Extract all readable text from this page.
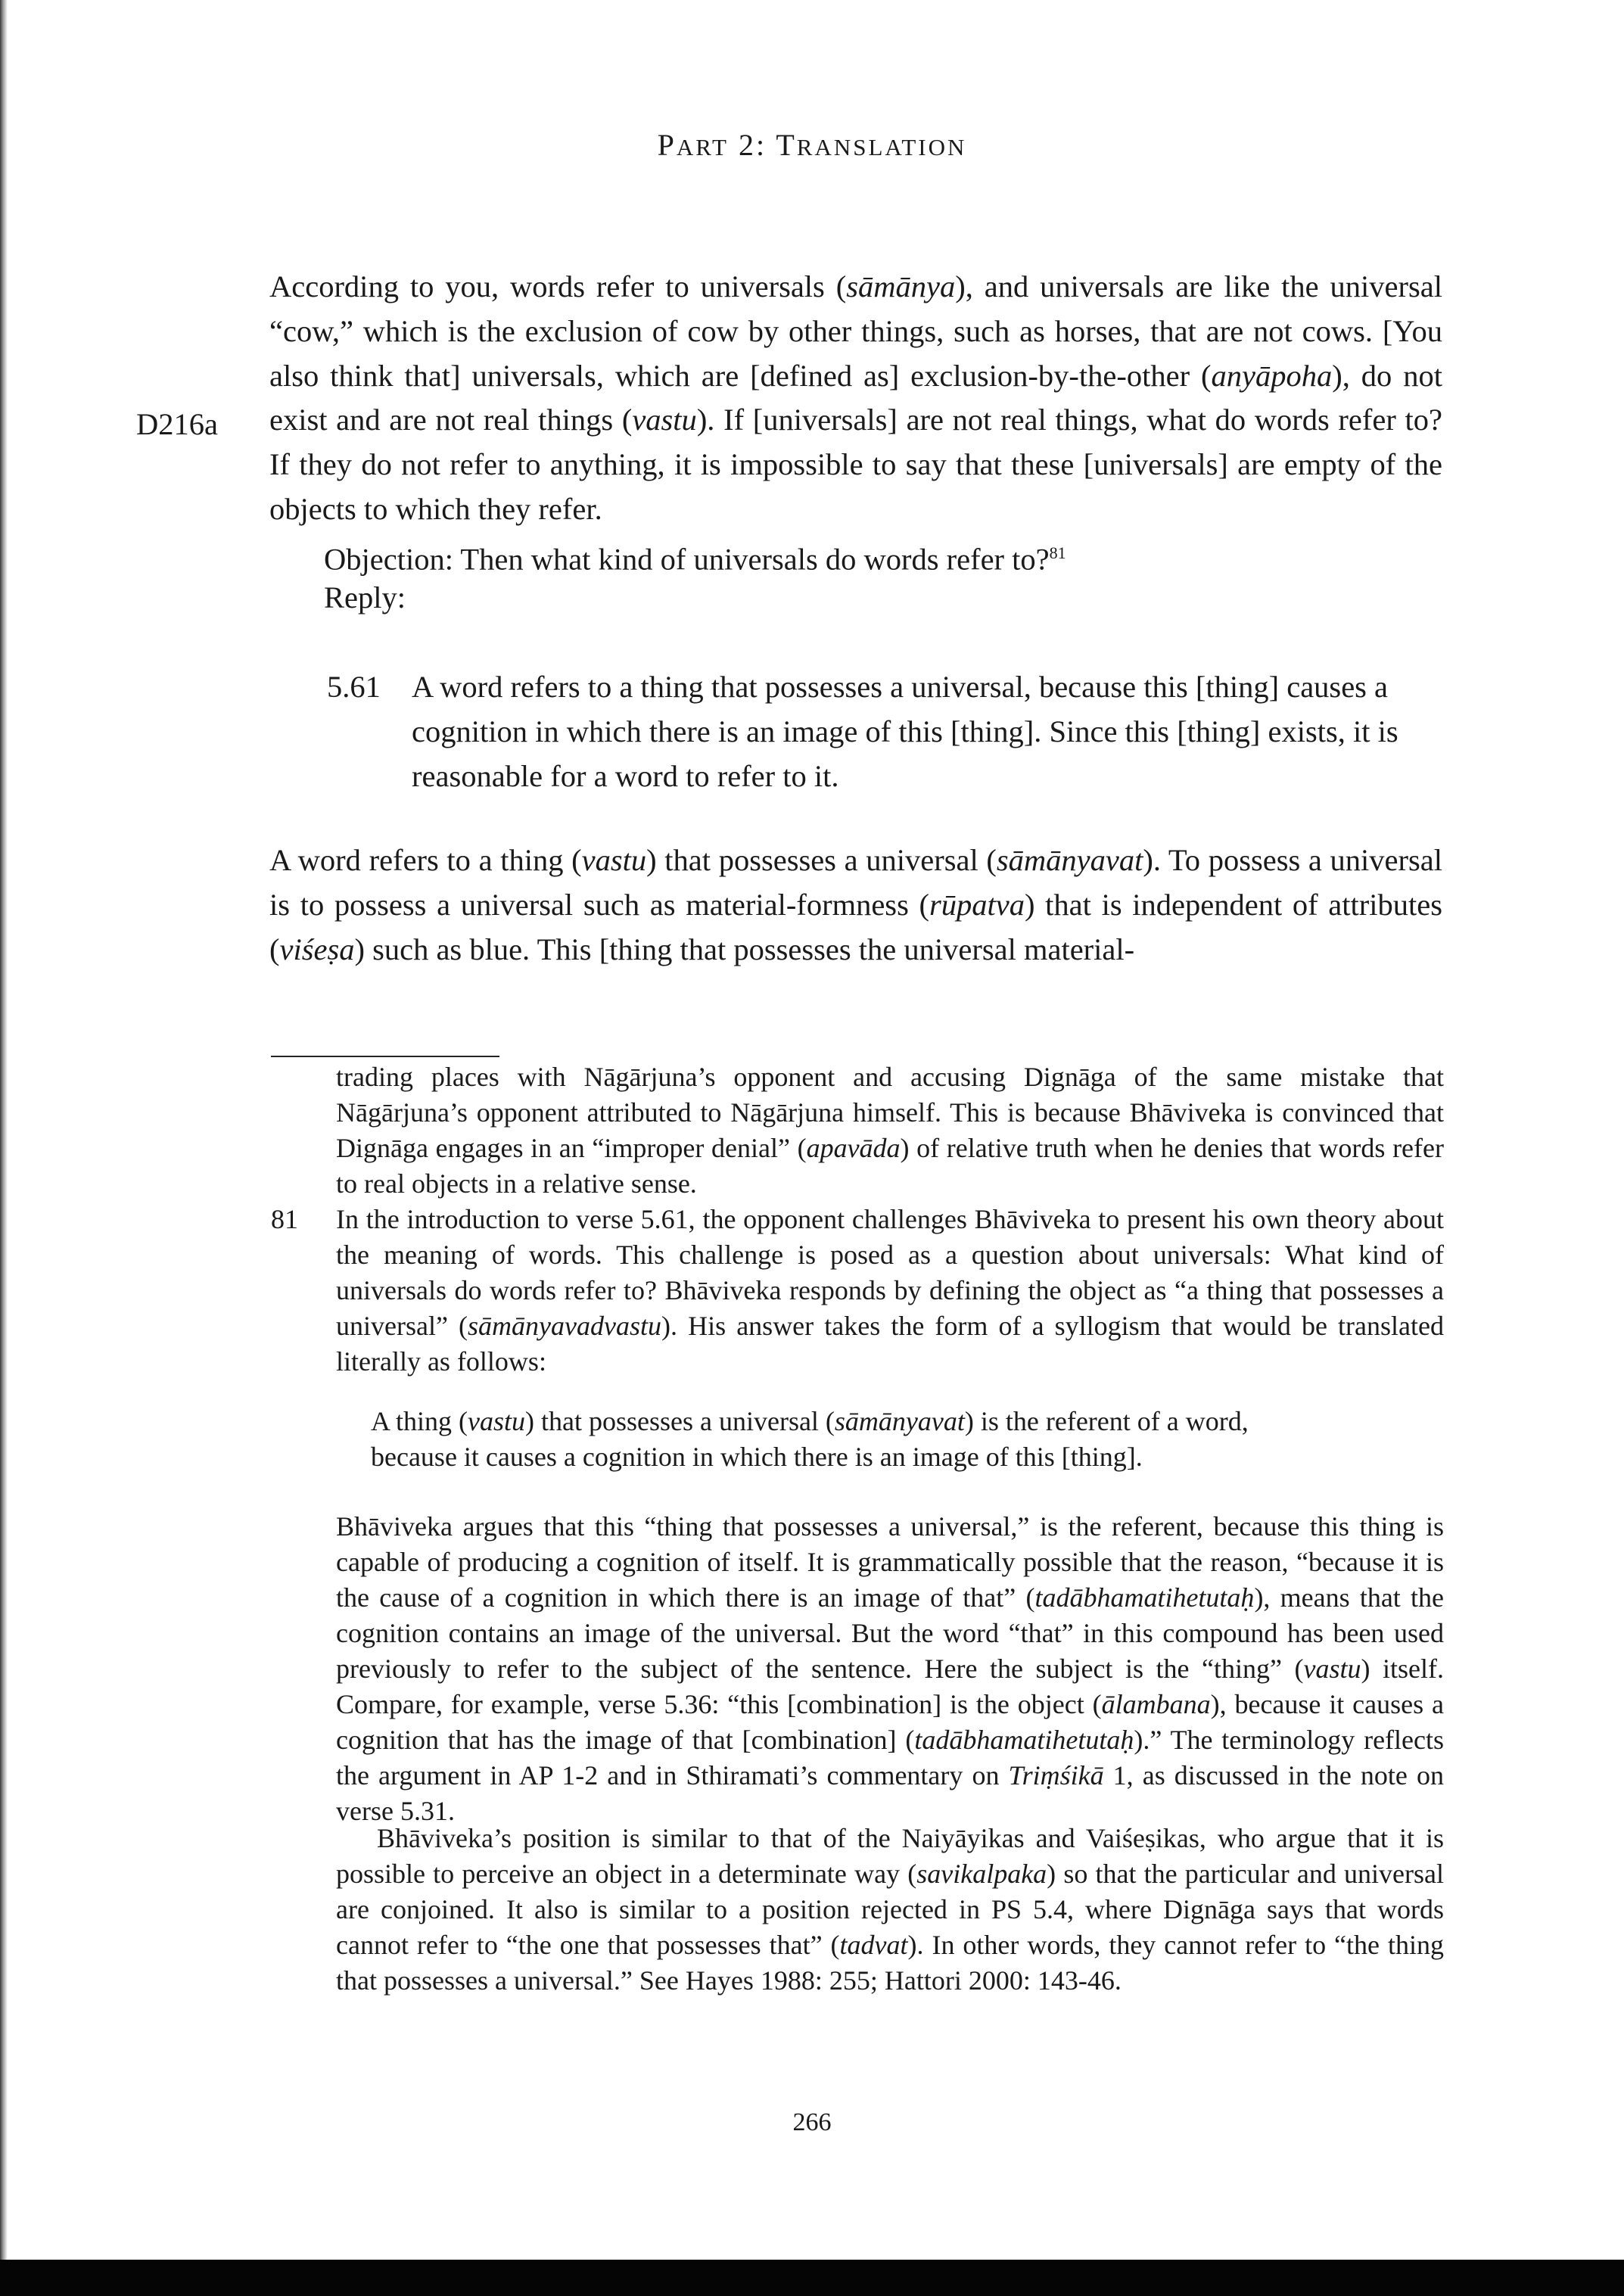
PART 2: TRANSLATION
D216a

According to you, words refer to universals (sāmānya), and universals are like the universal “cow,” which is the exclusion of cow by other things, such as horses, that are not cows. [You also think that] universals, which are [defined as] exclusion-by-the-other (anyāpoha), do not exist and are not real things (vastu). If [universals] are not real things, what do words refer to? If they do not refer to anything, it is impossible to say that these [universals] are empty of the objects to which they refer.

Objection: Then what kind of universals do words refer to?$^{81}$

Reply:

5.61 A word refers to a thing that possesses a universal, because this [thing] causes a cognition in which there is an image of this [thing]. Since this [thing] exists, it is reasonable for a word to refer to it.

A word refers to a thing (vastu) that possesses a universal (sāmānyavat). To possess a universal is to possess a universal such as material-formness (rūpatva) that is independent of attributes (viśeṣa) such as blue. This [thing that possesses the universal material-

trading places with Nāgārjuna’s opponent and accusing Dignāga of the same mistake that Nāgārjuna’s opponent attributed to Nāgārjuna himself. This is because Bhāviveka is convinced that Dignāga engages in an “improper denial” (apavāda) of relative truth when he denies that words refer to real objects in a relative sense.

81 In the introduction to verse 5.61, the opponent challenges Bhāviveka to present his own theory about the meaning of words. This challenge is posed as a question about universals: What kind of universals do words refer to? Bhāviveka responds by defining the object as “a thing that possesses a universal” (sāmānyavadvastu). His answer takes the form of a syllogism that would be translated literally as follows:

A thing (vastu) that possesses a universal (sāmānyavat) is the referent of a word,

because it causes a cognition in which there is an image of this [thing].

Bhāviveka argues that this “thing that possesses a universal,” is the referent, because this thing is capable of producing a cognition of itself. It is grammatically possible that the reason, “because it is the cause of a cognition in which there is an image of that” (tadābhamatihetutaḥ), means that the cognition contains an image of the universal. But the word “that” in this compound has been used previously to refer to the subject of the sentence. Here the subject is the “thing” (vastu) itself. Compare, for example, verse 5.36: “this [combination] is the object (ālambana), because it causes a cognition that has the image of that [combination] (tadābhamatihetutaḥ).” The terminology reflects the argument in AP 1-2 and in Sthiramati’s commentary on Triṃśikā 1, as discussed in the note on verse 5.31.

Bhāviveka’s position is similar to that of the Naiyāyikas and Vaiśeṣikas, who argue that it is possible to perceive an object in a determinate way (savikalpaka) so that the particular and universal are conjoined. It also is similar to a position rejected in PS 5.4, where Dignāga says that words cannot refer to “the one that possesses that” (tadvat). In other words, they cannot refer to “the thing that possesses a universal.” See Hayes 1988: 255; Hattori 2000: 143-46.

266
